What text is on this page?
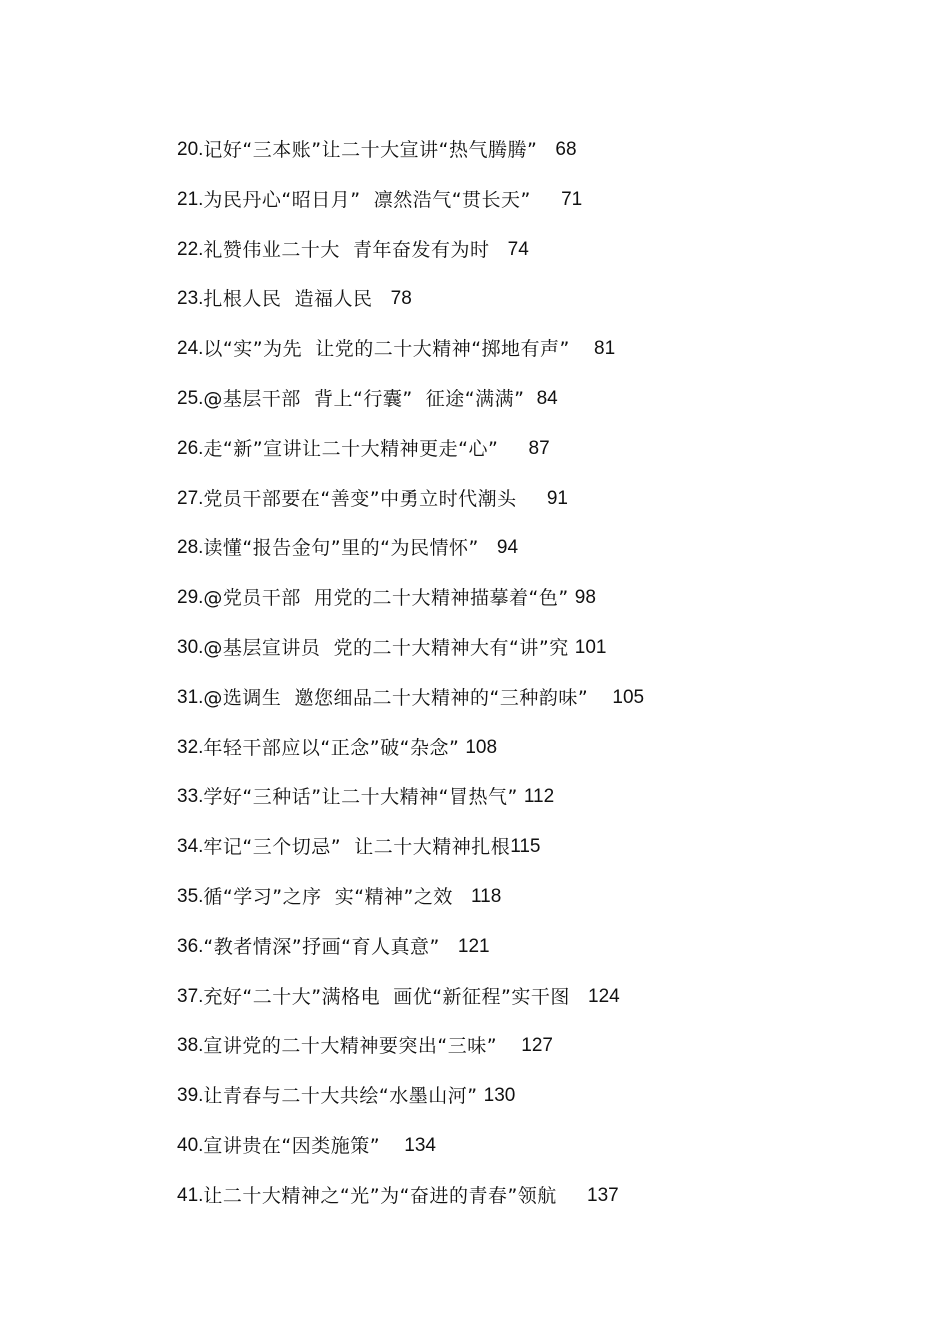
20. 记好“三本账”让二十大宣讲“热气腾腾”
68
21. 为民丹心“昭日月”  凛然浩气“贯长天”
71
22. 礼赞伟业二十大  青年奋发有为时
74
23. 扎根人民  造福人民
78
24. 以“实”为先  让党的二十大精神“掷地有声”
81
25. @基层干部  背上“行囊”  征途“满满”
84
26. 走“新”宣讲让二十大精神更走“心”
87
27. 党员干部要在“善变”中勇立时代潮头
91
28. 读懂“报告金句”里的“为民情怀”
94
29. @党员干部  用党的二十大精神描摹着“色”
98
30. @基层宣讲员  党的二十大精神大有“讲”究
101
31. @选调生  邀您细品二十大精神的“三种韵味”
105
32. 年轻干部应以“正念”破“杂念”
108
33. 学好“三种话”让二十大精神“冒热气”
112
34. 牢记“三个切忌”  让二十大精神扎根 115
35. 循“学习”之序  实“精神”之效
118
36. “教者情深”抒画“育人真意”
121
37. 充好“二十大”满格电  画优“新征程”实干图
124
38. 宣讲党的二十大精神要突出“三味”
127
39. 让青春与二十大共绘“水墨山河”
130
40. 宣讲贵在“因类施策”
134
41. 让二十大精神之“光”为“奋进的青春”领航
137
